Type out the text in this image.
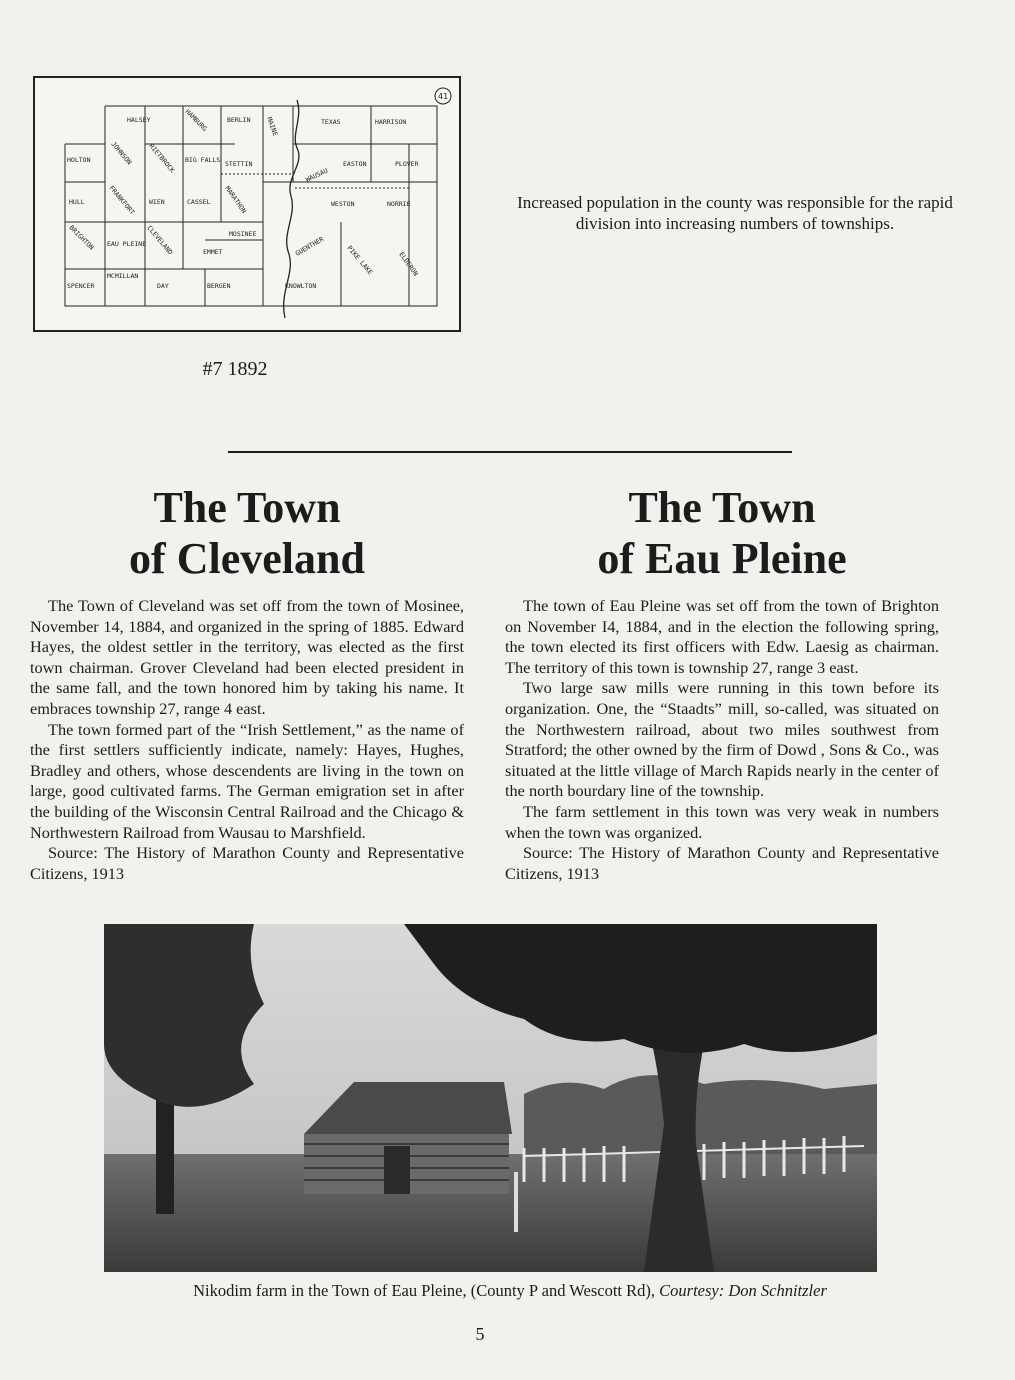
41
HALSEY	HAMBURG	BERLIN MAINE	TEXAS	HARRISON
HOLTON	JOHNSON RIETBROCK BIG FALLS STETTIN
WAUSAU
EASTON	PLOVER
HULL	FRANKFORT WIEN	CASSEL MARATHON	WESTON	NORRIE
BRIGHTON EAU PLEINE CLEVELAND	MOSINEE
EMMET	GUENTHER	PIKE LAKE	ELDERON
SPENCER
MCMILLAN
DAY	BERGEN	KNOWLTON
Increased population in the county was responsible for the rapid division into increasing numbers of townships.
#7 1892
The Town
of Cleveland

The Town of Cleveland was set off from the town of Mosinee, November 14, 1884, and organized in the spring of 1885. Edward Hayes, the oldest settler in the territory, was elected as the first town chairman. Grover Cleveland had been elected president in the same fall, and the town honored him by taking his name. It embraces township 27, range 4 east.

The town formed part of the “Irish Settlement,” as the name of the first settlers sufficiently indicate, namely: Hayes, Hughes, Bradley and others, whose descendents are living in the town on large, good cultivated farms. The German emigration set in after the building of the Wisconsin Central Railroad and the Chicago & Northwestern Railroad from Wausau to Marshfield.

Source: The History of Marathon County and Representative Citizens, 1913

The Town
of Eau Pleine

The town of Eau Pleine was set off from the town of Brighton on November I4, 1884, and in the election the following spring, the town elected its first officers with Edw. Laesig as chairman. The territory of this town is township 27, range 3 east.

Two large saw mills were running in this town before its organization. One, the “Staadts” mill, so-called, was situated on the Northwestern railroad, about two miles southwest from Stratford; the other owned by the firm of Dowd , Sons & Co., was situated at the little village of March Rapids nearly in the center of the north bourdary line of the township.

The farm settlement in this town was very weak in numbers when the town was organized.

Source: The History of Marathon County and Representative Citizens, 1913

Nikodim farm in the Town of Eau Pleine, (County P and Wescott Rd), Courtesy: Don Schnitzler
5
